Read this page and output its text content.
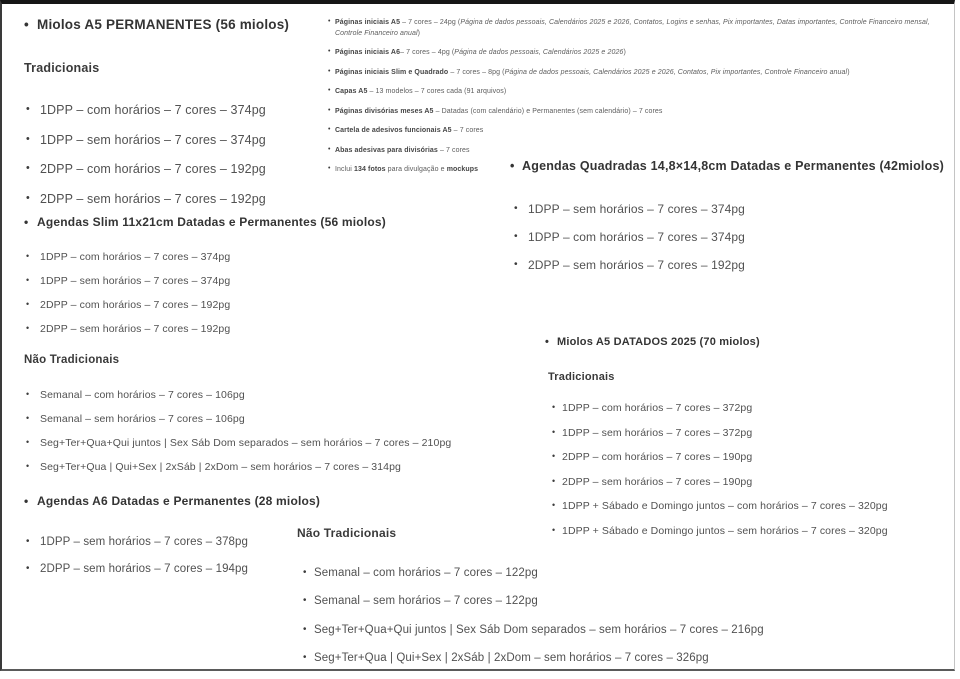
• Miolos A5 PERMANENTES (56 miolos)
Tradicionais
• 1DPP – com horários – 7 cores – 374pg
• 1DPP – sem horários – 7 cores – 374pg
• 2DPP – com horários – 7 cores – 192pg
• 2DPP – sem horários – 7 cores – 192pg
• Agendas Slim 11x21cm Datadas e Permanentes (56 miolos)
• 1DPP – com horários – 7 cores – 374pg
• 1DPP – sem horários – 7 cores – 374pg
• 2DPP – com horários – 7 cores – 192pg
• 2DPP – sem horários – 7 cores – 192pg
Não Tradicionais
• Semanal – com horários – 7 cores – 106pg
• Semanal – sem horários – 7 cores – 106pg
• Seg+Ter+Qua+Qui juntos | Sex Sáb Dom separados – sem horários – 7 cores – 210pg
• Seg+Ter+Qua | Qui+Sex | 2xSáb | 2xDom – sem horários – 7 cores – 314pg
• Agendas A6 Datadas e Permanentes (28 miolos)
• 1DPP – sem horários – 7 cores – 378pg
• 2DPP – sem horários – 7 cores – 194pg
• Páginas iniciais A5 – 7 cores – 24pg (Página de dados pessoais, Calendários 2025 e 2026, Contatos, Logins e senhas, Pix importantes, Datas importantes, Controle Financeiro mensal, Controle Financeiro anual)
• Páginas iniciais A6– 7 cores – 4pg (Página de dados pessoais, Calendários 2025 e 2026)
• Páginas iniciais Slim e Quadrado – 7 cores – 8pg (Página de dados pessoais, Calendários 2025 e 2026, Contatos, Pix importantes, Controle Financeiro anual)
• Capas A5 – 13 modelos – 7 cores cada (91 arquivos)
• Páginas divisórias meses A5 – Datadas (com calendário) e Permanentes (sem calendário) – 7 cores
• Cartela de adesivos funcionais A5 – 7 cores
• Abas adesivas para divisórias – 7 cores
• Inclui 134 fotos para divulgação e mockups	• Agendas Quadradas 14,8×14,8cm Datadas e Permanentes (42miolos)
• 1DPP – sem horários – 7 cores – 374pg
• 1DPP – com horários – 7 cores – 374pg
• 2DPP – sem horários – 7 cores – 192pg
• Miolos A5 DATADOS 2025 (70 miolos)
Tradicionais
• 1DPP – com horários – 7 cores – 372pg
• 1DPP – sem horários – 7 cores – 372pg
• 2DPP – com horários – 7 cores – 190pg
• 2DPP – sem horários – 7 cores – 190pg
• 1DPP + Sábado e Domingo juntos – com horários – 7 cores – 320pg
• 1DPP + Sábado e Domingo juntos – sem horários – 7 cores – 320pg
Não Tradicionais
• Semanal – com horários – 7 cores – 122pg
• Semanal – sem horários – 7 cores – 122pg
• Seg+Ter+Qua+Qui juntos | Sex Sáb Dom separados – sem horários – 7 cores – 216pg
• Seg+Ter+Qua | Qui+Sex | 2xSáb | 2xDom – sem horários – 7 cores – 326pg
